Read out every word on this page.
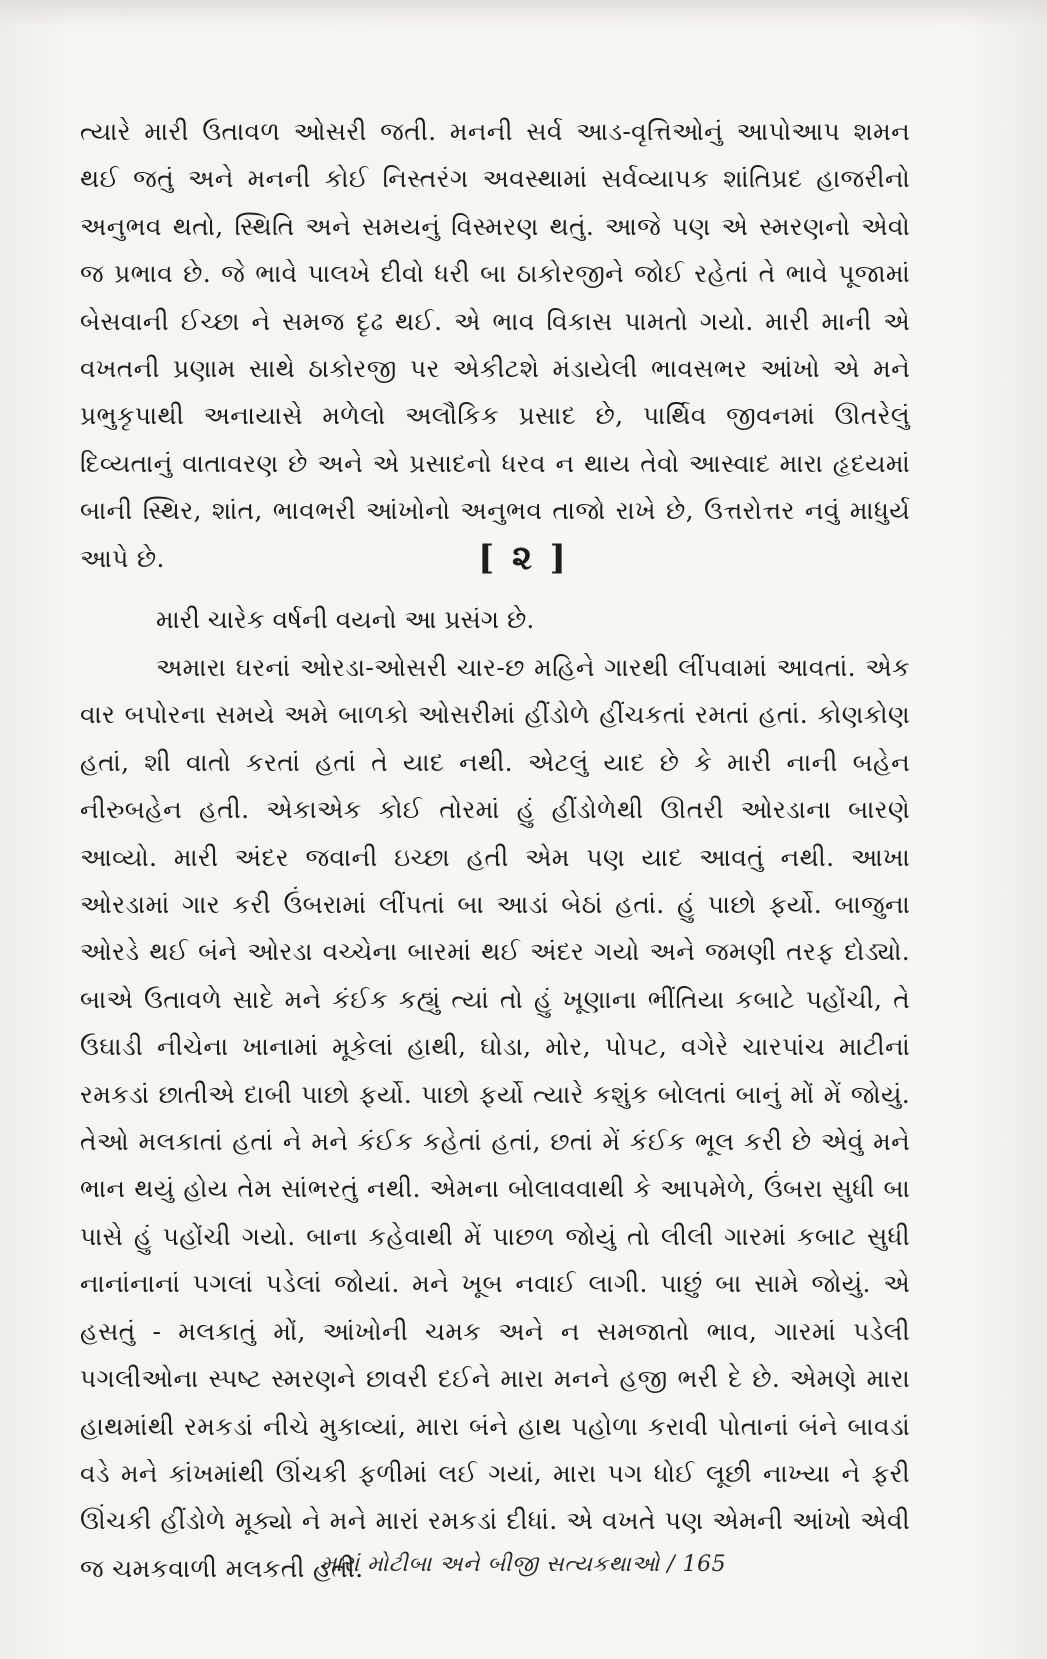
ત્યારે મારી ઉતાવળ ઓસરી જતી. મનની સર્વ આડ-વૃત્તિઓનું આપોઆપ શમન થઈ જતું અને મનની કોઈ નિસ્તરંગ અવસ્થામાં સર્વવ્યાપક શાંતિપ્રદ હાજરીનો અનુભવ થતો, સ્થિતિ અને સમયનું વિસ્મરણ થતું. આજે પણ એ સ્મરણનો એવો જ પ્રભાવ છે. જે ભાવે પાલખે દીવો ધરી બા ઠાકોરજીને જોઈ રહેતાં તે ભાવે પૂજામાં બેસવાની ઈચ્છા ને સમજ દૃઢ થઈ. એ ભાવ વિકાસ પામતો ગયો. મારી માની એ વખતની પ્રણામ સાથે ઠાકોરજી પર એકીટશે મંડાયેલી ભાવસભર આંખો એ મને પ્રભુકૃપાથી અનાયાસે મળેલો અલૌકિક પ્રસાદ છે, પાર્થિવ જીવનમાં ઊતરેલું દિવ્યતાનું વાતાવરણ છે અને એ પ્રસાદનો ધરવ ન થાય તેવો આસ્વાદ મારા હૃદયમાં બાની સ્થિર, શાંત, ભાવભરી આંખોનો અનુભવ તાજો રાખે છે, ઉત્તરોત્તર નવું માધુર્ય આપે છે.	[ ૨ ]
મારી ચારેક વર્ષની વયનો આ પ્રસંગ છે.

અમારા ઘરનાં ઓરડા-ઓસરી ચાર-છ મહિને ગારથી લીંપવામાં આવતાં. એક વાર બપોરના સમયે અમે બાળકો ઓસરીમાં હીંડોળે હીંચકતાં રમતાં હતાં. કોણકોણ હતાં, શી વાતો કરતાં હતાં તે યાદ નથી. એટલું યાદ છે કે મારી નાની બહેન નીરુબહેન હતી. એકાએક કોઈ તોરમાં હું હીંડોળેથી ઊતરી ઓરડાના બારણે આવ્યો. મારી અંદર જવાની ઇચ્છા હતી એમ પણ યાદ આવતું નથી. આખા ઓરડામાં ગાર કરી ઉંબરામાં લીંપતાં બા આડાં બેઠાં હતાં. હું પાછો ફર્યો. બાજુના ઓરડે થઈ બંને ઓરડા વચ્ચેના બારમાં થઈ અંદર ગયો અને જમણી તરફ દોડ્યો. બાએ ઉતાવળે સાદે મને કંઈક કહ્યું ત્યાં તો હું ખૂણાના ભીંતિયા કબાટે પહોંચી, તે ઉઘાડી નીચેના ખાનામાં મૂકેલાં હાથી, ઘોડા, મોર, પોપટ, વગેરે ચારપાંચ માટીનાં રમકડાં છાતીએ દાબી પાછો ફર્યો. પાછો ફર્યો ત્યારે કશુંક બોલતાં બાનું મોં મેં જોયું. તેઓ મલકાતાં હતાં ને મને કંઈક કહેતાં હતાં, છતાં મેં કંઈક ભૂલ કરી છે એવું મને ભાન થયું હોય તેમ સાંભરતું નથી. એમના બોલાવવાથી કે આપમેળે, ઉંબરા સુધી બા પાસે હું પહોંચી ગયો. બાના કહેવાથી મેં પાછળ જોયું તો લીલી ગારમાં કબાટ સુધી નાનાંનાનાં પગલાં પડેલાં જોયાં. મને ખૂબ નવાઈ લાગી. પાછું બા સામે જોયું. એ હસતું - મલકાતું મોં, આંખોની ચમક અને ન સમજાતો ભાવ, ગારમાં પડેલી પગલીઓના સ્પષ્ટ સ્મરણને છાવરી દઈને મારા મનને હજી ભરી દે છે. એમણે મારા હાથમાંથી રમકડાં નીચે મુકાવ્યાં, મારા બંને હાથ પહોળા કરાવી પોતાનાં બંને બાવડાં વડે મને કાંખમાંથી ઊંચકી ફળીમાં લઈ ગયાં, મારા પગ ધોઈ લૂછી નાખ્યા ને ફરી ઊંચકી હીંડોળે મૂક્યો ને મને મારાં રમકડાં દીધાં. એ વખતે પણ એમની આંખો એવી જ ચમકવાળી મલકતી હતી.

મારાં મોટીબા અને બીજી સત્યકથાઓ / 165
